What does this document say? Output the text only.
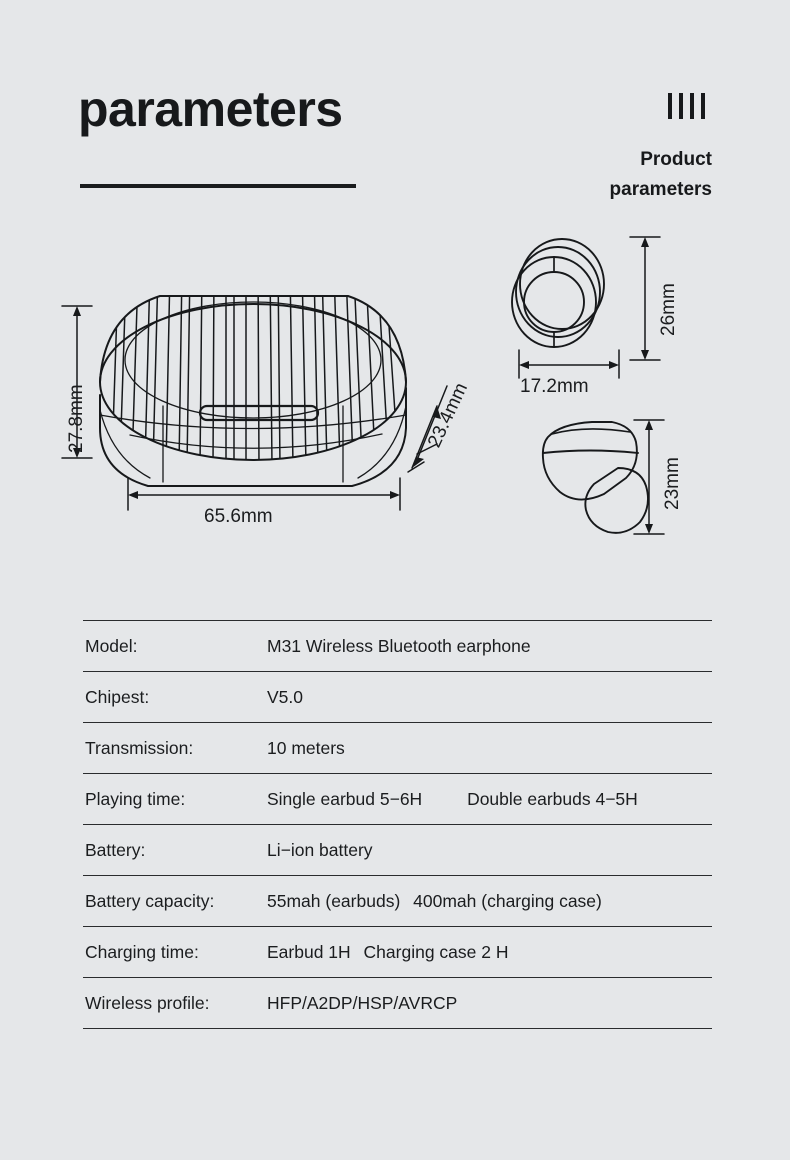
parameters
Product
parameters
27.8mm
65.6mm
23.4mm
26mm
17.2mm
23mm
Model:	M31 Wireless Bluetooth earphone
Chipest:	V5.0
Transmission:	10 meters
Playing time:	Single earbud 5−6H	Double earbuds 4−5H
Battery:	Li−ion battery
Battery capacity:	55mah (earbuds) 400mah (charging case)
Charging time:	Earbud 1H Charging case 2 H
Wireless profile:	HFP/A2DP/HSP/AVRCP
